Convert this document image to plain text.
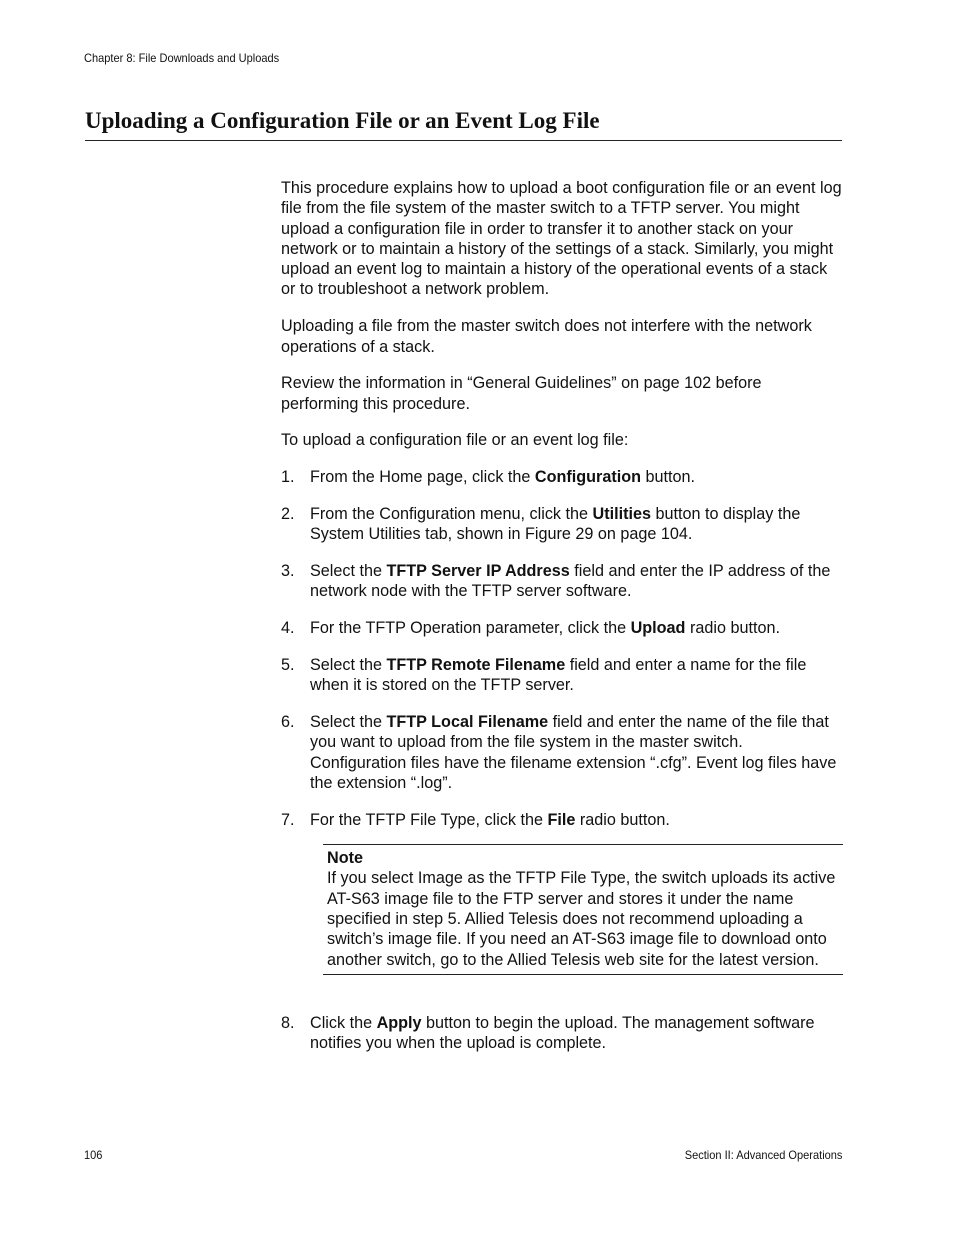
Chapter 8: File Downloads and Uploads
Uploading a Configuration File or an Event Log File

This procedure explains how to upload a boot configuration file or an event log file from the file system of the master switch to a TFTP server. You might upload a configuration file in order to transfer it to another stack on your network or to maintain a history of the settings of a stack. Similarly, you might upload an event log to maintain a history of the operational events of a stack or to troubleshoot a network problem.

Uploading a file from the master switch does not interfere with the network operations of a stack.

Review the information in “General Guidelines” on page 102 before performing this procedure.

To upload a configuration file or an event log file:

1. From the Home page, click the Configuration button.
2. From the Configuration menu, click the Utilities button to display the System Utilities tab, shown in Figure 29 on page 104.
3. Select the TFTP Server IP Address field and enter the IP address of the network node with the TFTP server software.
4. For the TFTP Operation parameter, click the Upload radio button.
5. Select the TFTP Remote Filename field and enter a name for the file when it is stored on the TFTP server.
6. Select the TFTP Local Filename field and enter the name of the file that you want to upload from the file system in the master switch. Configuration files have the filename extension “.cfg”. Event log files have the extension “.log”.
7. For the TFTP File Type, click the File radio button.
Note
If you select Image as the TFTP File Type, the switch uploads its active AT-S63 image file to the FTP server and stores it under the name specified in step 5. Allied Telesis does not recommend uploading a switch’s image file. If you need an AT-S63 image file to download onto another switch, go to the Allied Telesis web site for the latest version.
8. Click the Apply button to begin the upload. The management software notifies you when the upload is complete.
106	Section II: Advanced Operations
